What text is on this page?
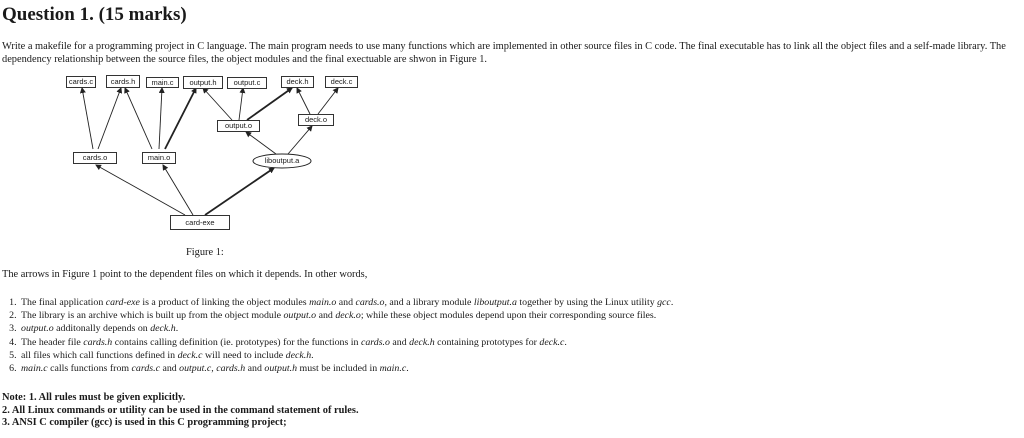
Question 1. (15 marks)

Write a makefile for a programming project in C language. The main program needs to use many functions which are implemented in other source files in C code. The final executable has to link all the object files and a self-made library. The dependency relationship between the source files, the object modules and the final exectuable are shwon in Figure 1.

cards.c	cards.h	main.c	output.h	output.c	deck.h	deck.c
deck.o
output.o
cards.o	main.o	liboutput.a
card-exe

Figure 1:

The arrows in Figure 1 point to the dependent files on which it depends. In other words,

1. The final application card-exe is a product of linking the object modules main.o and cards.o, and a library module liboutput.a together by using the Linux utility gcc.
2. The library is an archive which is built up from the object module output.o and deck.o; while these object modules depend upon their corresponding source files.
3. output.o additonally depends on deck.h.
4. The header file cards.h contains calling definition (ie. prototypes) for the functions in cards.o and deck.h containing prototypes for deck.c.
5. all files which call functions defined in deck.c will need to include deck.h.
6. main.c calls functions from cards.c and output.c, cards.h and output.h must be included in main.c.
Note: 1. All rules must be given explicitly.
2. All Linux commands or utility can be used in the command statement of rules.
3. ANSI C compiler (gcc) is used in this C programming project;
